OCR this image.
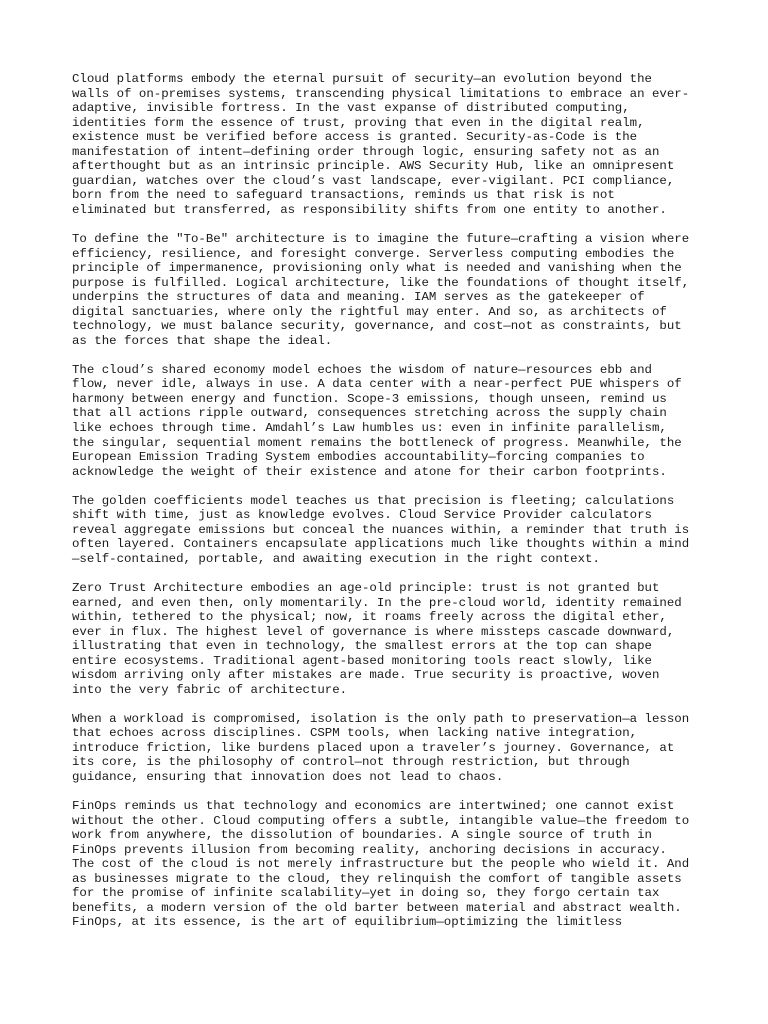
Cloud platforms embody the eternal pursuit of security—an evolution beyond the
walls of on-premises systems, transcending physical limitations to embrace an ever-
adaptive, invisible fortress. In the vast expanse of distributed computing,
identities form the essence of trust, proving that even in the digital realm,
existence must be verified before access is granted. Security-as-Code is the
manifestation of intent—defining order through logic, ensuring safety not as an
afterthought but as an intrinsic principle. AWS Security Hub, like an omnipresent
guardian, watches over the cloud’s vast landscape, ever-vigilant. PCI compliance,
born from the need to safeguard transactions, reminds us that risk is not
eliminated but transferred, as responsibility shifts from one entity to another.
To define the "To-Be" architecture is to imagine the future—crafting a vision where
efficiency, resilience, and foresight converge. Serverless computing embodies the
principle of impermanence, provisioning only what is needed and vanishing when the
purpose is fulfilled. Logical architecture, like the foundations of thought itself,
underpins the structures of data and meaning. IAM serves as the gatekeeper of
digital sanctuaries, where only the rightful may enter. And so, as architects of
technology, we must balance security, governance, and cost—not as constraints, but
as the forces that shape the ideal.
The cloud’s shared economy model echoes the wisdom of nature—resources ebb and
flow, never idle, always in use. A data center with a near-perfect PUE whispers of
harmony between energy and function. Scope-3 emissions, though unseen, remind us
that all actions ripple outward, consequences stretching across the supply chain
like echoes through time. Amdahl’s Law humbles us: even in infinite parallelism,
the singular, sequential moment remains the bottleneck of progress. Meanwhile, the
European Emission Trading System embodies accountability—forcing companies to
acknowledge the weight of their existence and atone for their carbon footprints.
The golden coefficients model teaches us that precision is fleeting; calculations
shift with time, just as knowledge evolves. Cloud Service Provider calculators
reveal aggregate emissions but conceal the nuances within, a reminder that truth is
often layered. Containers encapsulate applications much like thoughts within a mind
—self-contained, portable, and awaiting execution in the right context.
Zero Trust Architecture embodies an age-old principle: trust is not granted but
earned, and even then, only momentarily. In the pre-cloud world, identity remained
within, tethered to the physical; now, it roams freely across the digital ether,
ever in flux. The highest level of governance is where missteps cascade downward,
illustrating that even in technology, the smallest errors at the top can shape
entire ecosystems. Traditional agent-based monitoring tools react slowly, like
wisdom arriving only after mistakes are made. True security is proactive, woven
into the very fabric of architecture.
When a workload is compromised, isolation is the only path to preservation—a lesson
that echoes across disciplines. CSPM tools, when lacking native integration,
introduce friction, like burdens placed upon a traveler’s journey. Governance, at
its core, is the philosophy of control—not through restriction, but through
guidance, ensuring that innovation does not lead to chaos.
FinOps reminds us that technology and economics are intertwined; one cannot exist
without the other. Cloud computing offers a subtle, intangible value—the freedom to
work from anywhere, the dissolution of boundaries. A single source of truth in
FinOps prevents illusion from becoming reality, anchoring decisions in accuracy.
The cost of the cloud is not merely infrastructure but the people who wield it. And
as businesses migrate to the cloud, they relinquish the comfort of tangible assets
for the promise of infinite scalability—yet in doing so, they forgo certain tax
benefits, a modern version of the old barter between material and abstract wealth.
FinOps, at its essence, is the art of equilibrium—optimizing the limitless
